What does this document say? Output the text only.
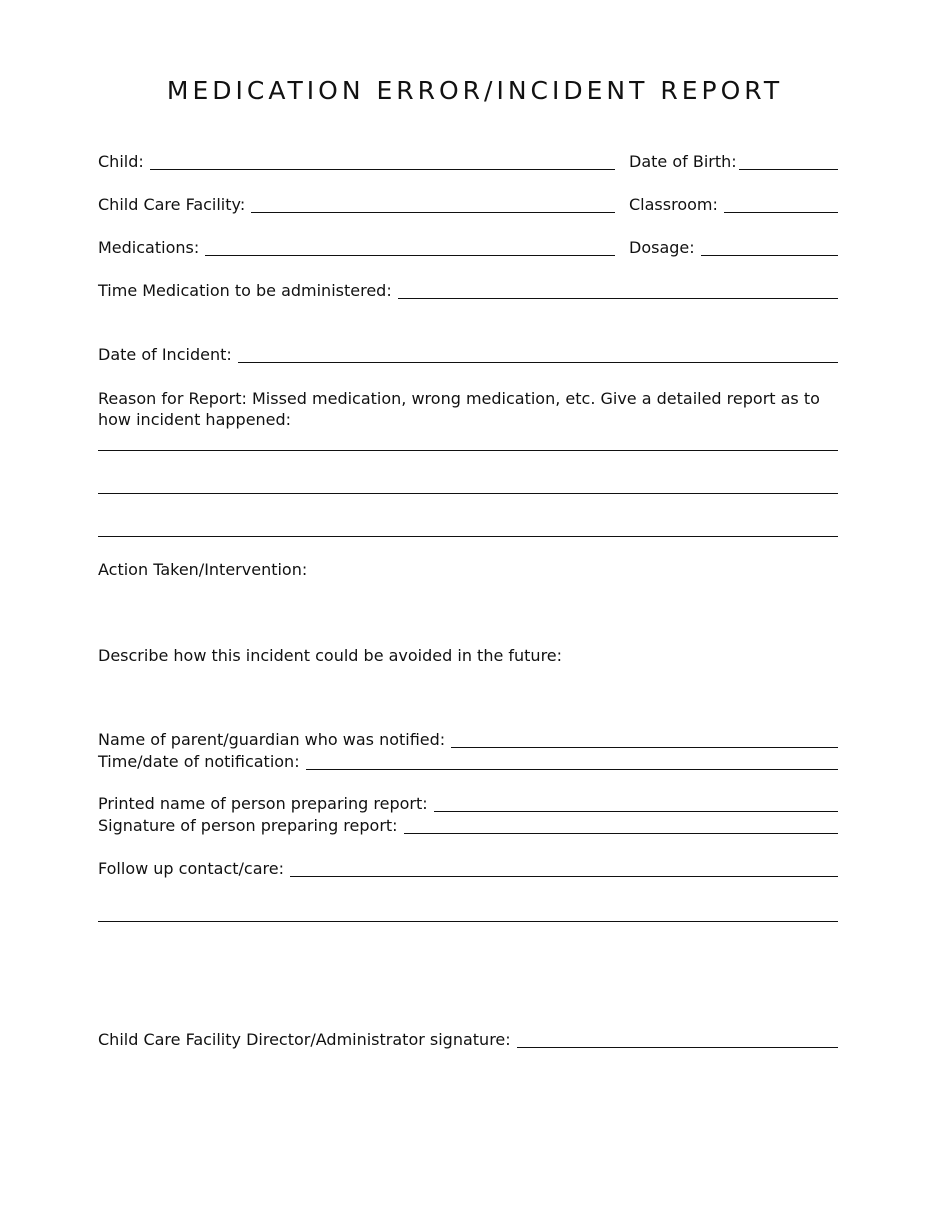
MEDICATION ERROR/INCIDENT REPORT
Child:	Date of Birth:
Child Care Facility:	Classroom:
Medications:	Dosage:
Time Medication to be administered:
Date of Incident:
Reason for Report: Missed medication, wrong medication, etc. Give a detailed report as to how incident happened:
Action Taken/Intervention:
Describe how this incident could be avoided in the future:
Name of parent/guardian who was notified:
Time/date of notification:
Printed name of person preparing report:
Signature of person preparing report:
Follow up contact/care:
Child Care Facility Director/Administrator signature:
